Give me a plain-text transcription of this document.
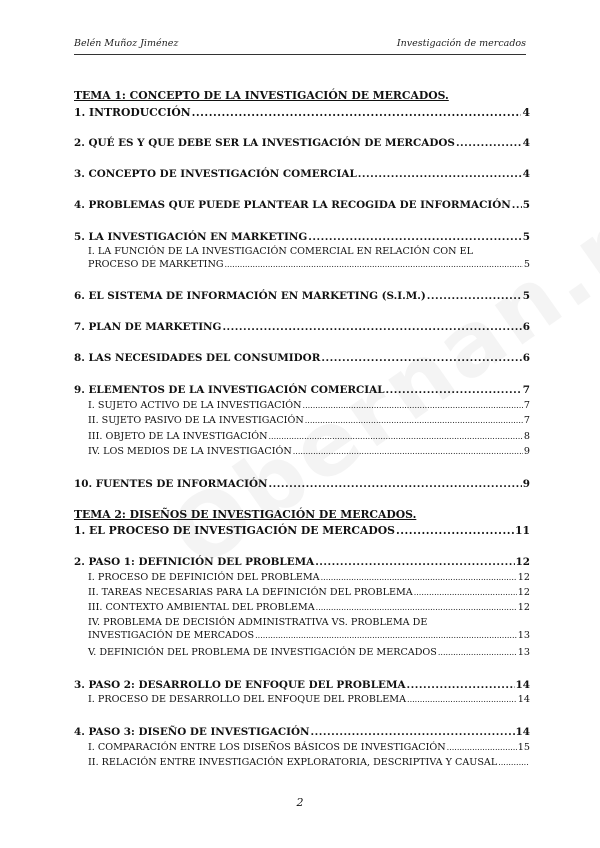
Belén Muñoz Jiménez	Investigación de mercados
TEMA 1: CONCEPTO DE LA INVESTIGACIÓN DE MERCADOS.
1. INTRODUCCIÓN .....	4
2. QUÉ ES Y QUE DEBE SER LA INVESTIGACIÓN DE MERCADOS .....	4
3. CONCEPTO DE INVESTIGACIÓN COMERCIAL .....	4
4. PROBLEMAS QUE PUEDE PLANTEAR LA RECOGIDA DE INFORMACIÓN ..... 5
5. LA INVESTIGACIÓN EN MARKETING .....	5
I. LA FUNCIÓN DE LA INVESTIGACIÓN COMERCIAL EN RELACIÓN CON EL
PROCESO DE MARKETING .....	5
6. EL SISTEMA DE INFORMACIÓN EN MARKETING (S.I.M.) .....	5
7. PLAN DE MARKETING .....	6
8. LAS NECESIDADES DEL CONSUMIDOR .....	6
9. ELEMENTOS DE LA INVESTIGACIÓN COMERCIAL .....	7
I. SUJETO ACTIVO DE LA INVESTIGACIÓN .....	7
II. SUJETO PASIVO DE LA INVESTIGACIÓN .....	7
III. OBJETO DE LA INVESTIGACIÓN .....	8
IV. LOS MEDIOS DE LA INVESTIGACIÓN .....	9
10. FUENTES DE INFORMACIÓN .....	9
TEMA 2: DISEÑOS DE INVESTIGACIÓN DE MERCADOS.
1. EL PROCESO DE INVESTIGACIÓN DE MERCADOS .....	11
2. PASO 1: DEFINICIÓN DEL PROBLEMA .....	12
I. PROCESO DE DEFINICIÓN DEL PROBLEMA .....	12
II. TAREAS NECESARIAS PARA LA DEFINICIÓN DEL PROBLEMA .....	12
III. CONTEXTO AMBIENTAL DEL PROBLEMA .....	12
IV. PROBLEMA DE DECISIÓN ADMINISTRATIVA VS. PROBLEMA DE
INVESTIGACIÓN DE MERCADOS .....	13
V. DEFINICIÓN DEL PROBLEMA DE INVESTIGACIÓN DE MERCADOS .....	13
3. PASO 2: DESARROLLO DE ENFOQUE DEL PROBLEMA .....	14
I. PROCESO DE DESARROLLO DEL ENFOQUE DEL PROBLEMA .....	14
4. PASO 3: DISEÑO DE INVESTIGACIÓN .....	14
I. COMPARACIÓN ENTRE LOS DISEÑOS BÁSICOS DE INVESTIGACIÓN .....	15
II. RELACIÓN ENTRE INVESTIGACIÓN EXPLORATORIA, DESCRIPTIVA Y CAUSAL
.....
2
